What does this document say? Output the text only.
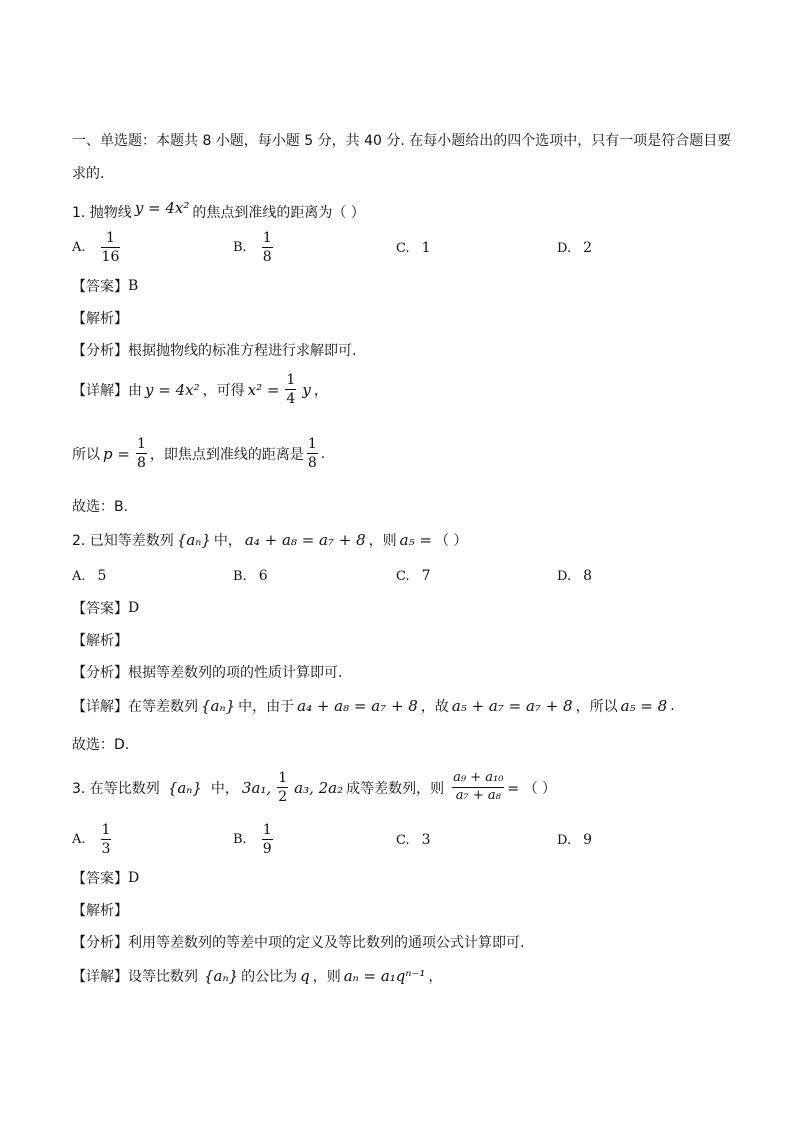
一、单选题：本题共 8 小题，每小题 5 分，共 40 分. 在每小题给出的四个选项中，只有一项是符合题目要
求的.
1. 抛物线 y = 4x² 的焦点到准线的距离为（ ）
A. $\frac{1}{16}$	B. $\frac{1}{8}$	C. 1	D. 2
【答案】 B
【解析】
【分析】 根据抛物线的标准方程进行求解即可.
【详解】 由 y = 4x² ，可得 $x^2 = \frac{1}{4}$ y ，
所以 $p = \frac{1}{8}$ ，即焦点到准线的距离是 $\frac{1}{8}$ .
故选：B.
2. 已知等差数列 {aₙ} 中， a₄ + a₈ = a₇ + 8 ，则 a₅ = （ ）
A. 5	B. 6	C. 7	D. 8
【答案】 D
【解析】
【分析】 根据等差数列的项的性质计算即可.
【详解】 在等差数列 {aₙ} 中，由于 a₄ + a₈ = a₇ + 8 ，故 a₅ + a₇ = a₇ + 8 ，所以 a₅ = 8 .
故选：D.
3. 在等比数列 {aₙ} 中， 3a₁, $\frac{1}{2} a_3$, 2a₂ 成等差数列，则 $\frac{\text{a₉ + a₁₀}}{\text{a₇ + a₈}}$ = （ ）
A. $\frac{1}{3}$	B. $\frac{1}{9}$	C. 3	D. 9
【答案】 D
【解析】
【分析】 利用等差数列的等差中项的定义及等比数列的通项公式计算即可.
【详解】 设等比数列 {aₙ} 的公比为 q ，则 aₙ = a₁qⁿ⁻¹ ，
